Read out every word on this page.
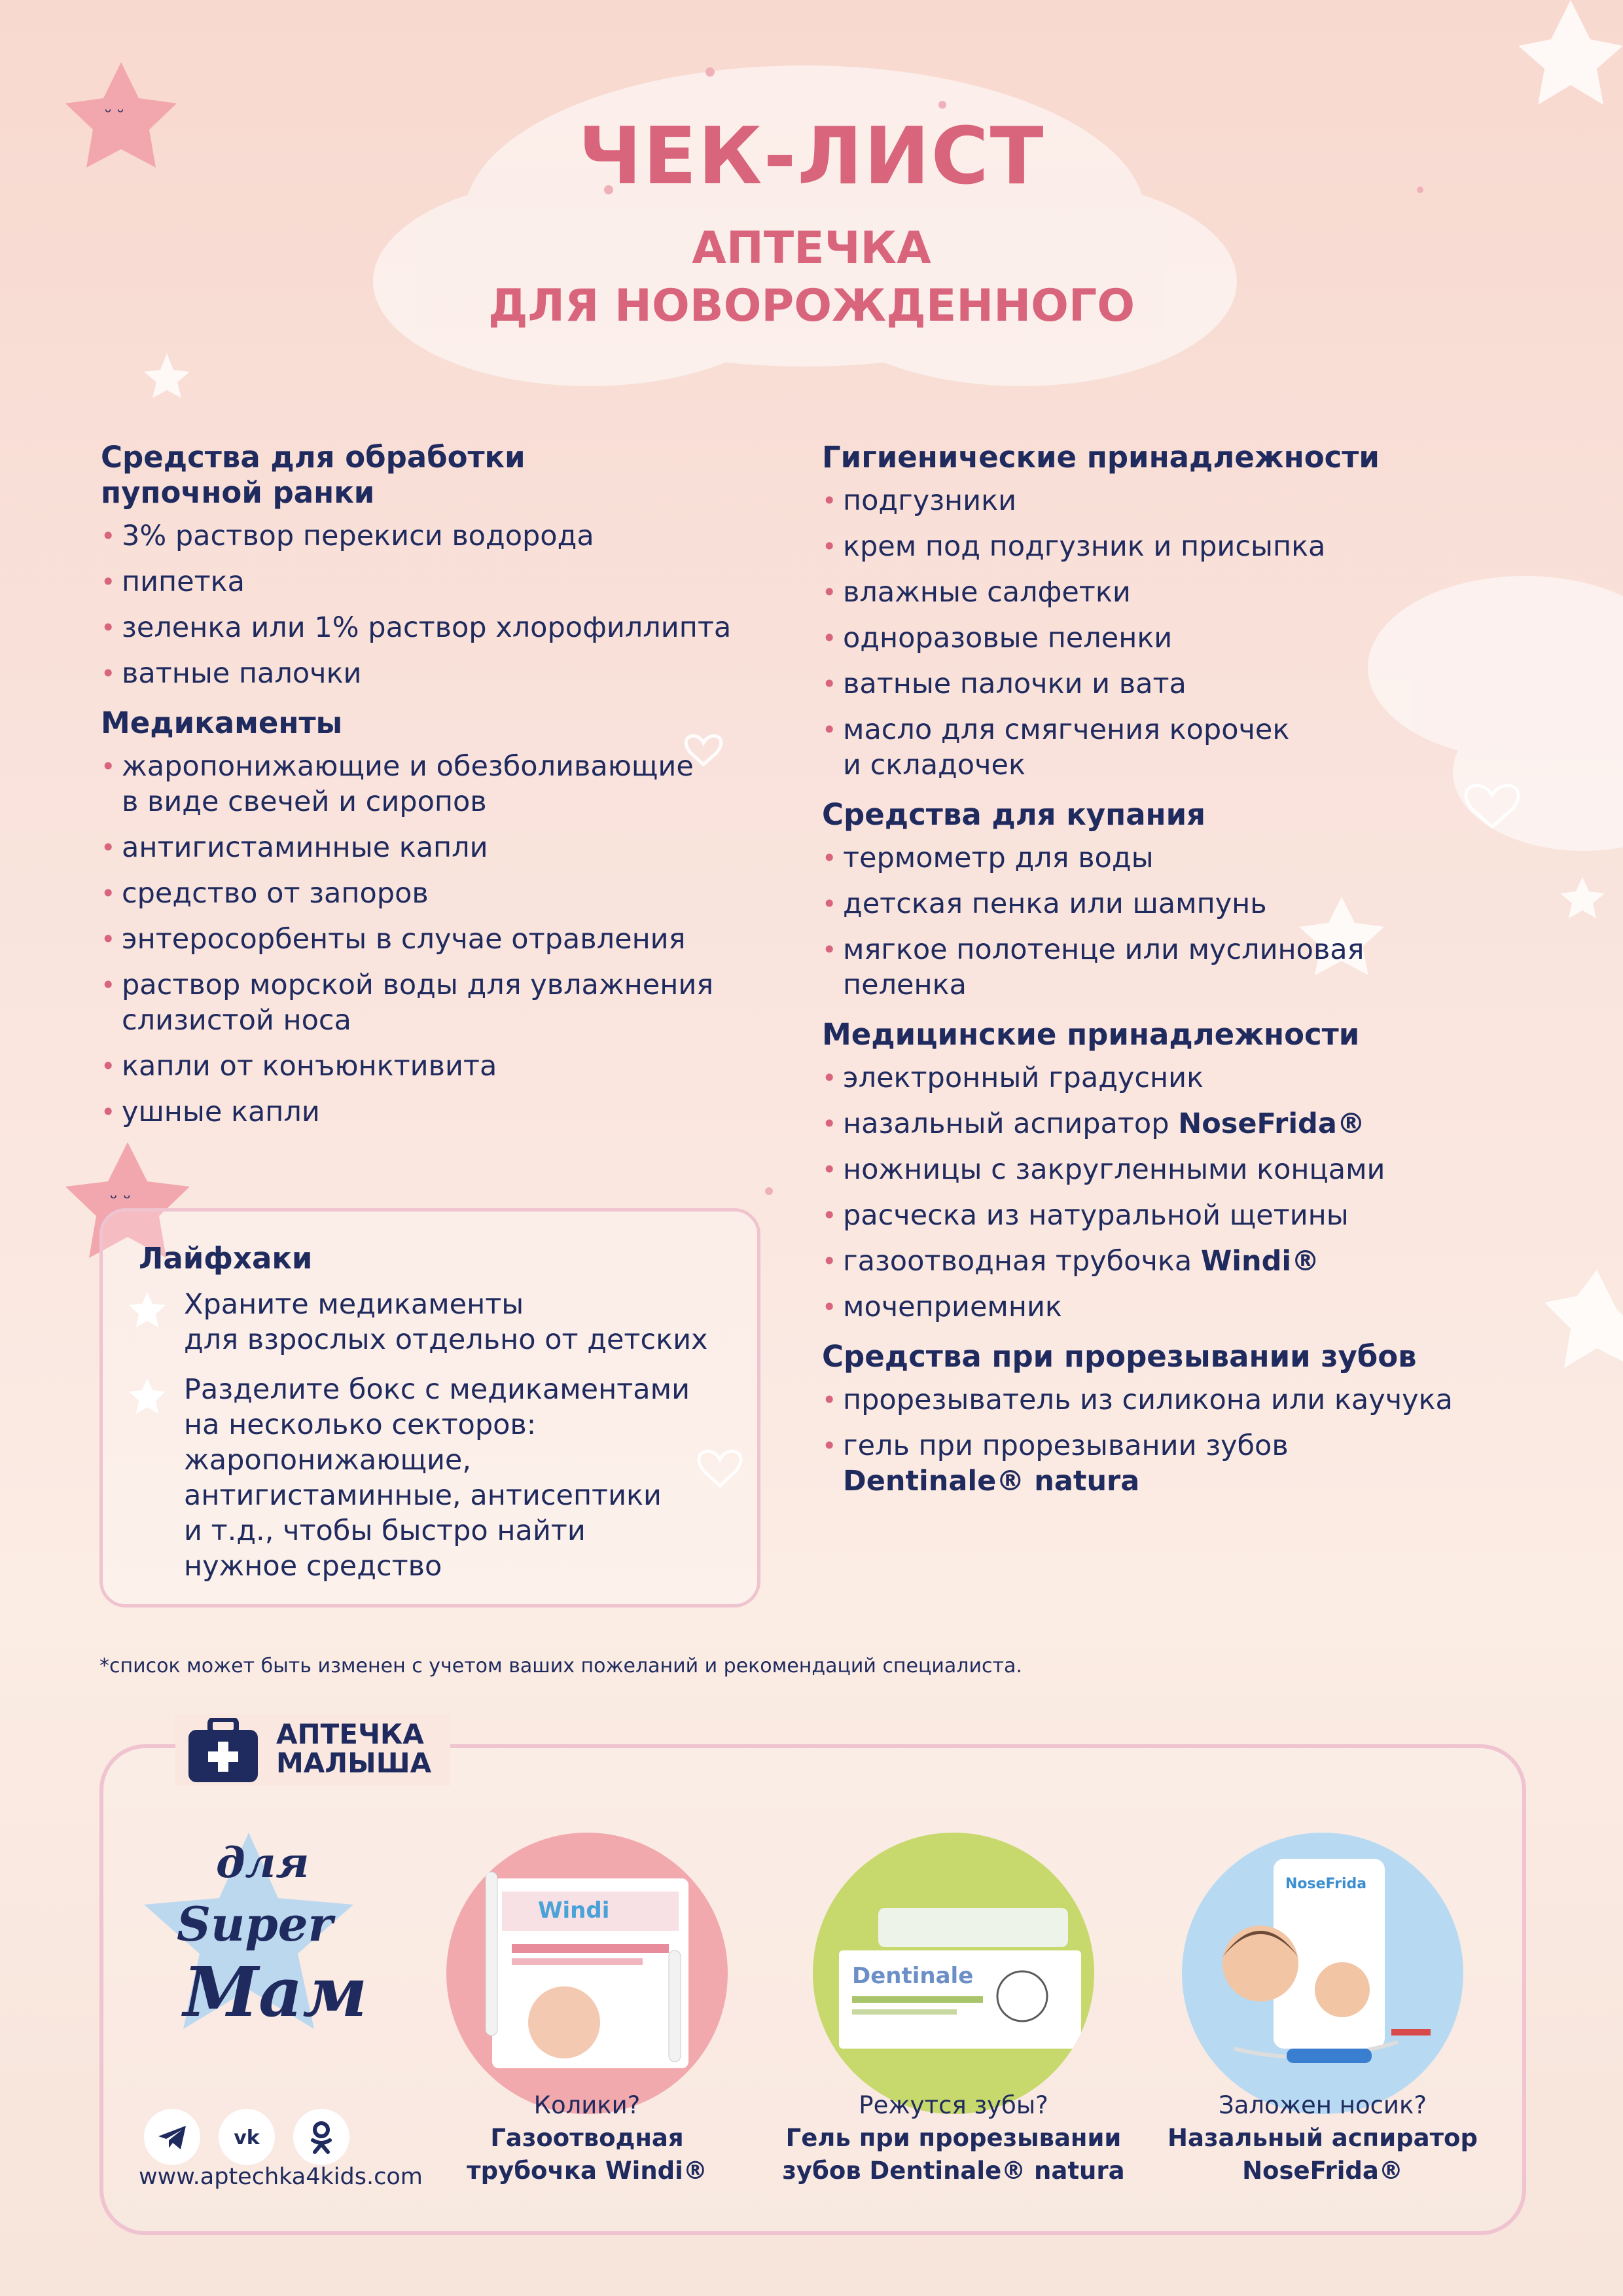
ᵕ ᵕ
ᵕ ᵕ
ЧЕК-ЛИСТ
АПТЕЧКА
ДЛЯ НОВОРОЖДЕННОГО
Средства для обработки
пупочной ранки
• 3% раствор перекиси водорода
• пипетка
• зеленка или 1% раствор хлорофиллипта
• ватные палочки
Медикаменты
• жаропонижающие и обезболивающие
в виде свечей и сиропов
• антигистаминные капли
• средство от запоров
• энтеросорбенты в случае отравления
• раствор морской воды для увлажнения
слизистой носа
• капли от конъюнктивита
• ушные капли
Гигиенические принадлежности
• подгузники
• крем под подгузник и присыпка
• влажные салфетки
• одноразовые пеленки
• ватные палочки и вата
• масло для смягчения корочек
и складочек
Средства для купания
• термометр для воды
• детская пенка или шампунь
• мягкое полотенце или муслиновая
пеленка
Медицинские принадлежности
• электронный градусник
• назальный аспиратор NoseFrida®
• ножницы с закругленными концами
• расческа из натуральной щетины
• газоотводная трубочка Windi®
• мочеприемник
Средства при прорезывании зубов
• прорезыватель из силикона или каучука
• гель при прорезывании зубов
Dentinale® natura
Лайфхаки
Храните медикаменты
для взрослых отдельно от детских
Разделите бокс с медикаментами
на несколько секторов:
жаропонижающие,
антигистаминные, антисептики
и т.д., чтобы быстро найти
нужное средство
*список может быть изменен с учетом ваших пожеланий и рекомендаций специалиста.
АПТЕЧКА
МАЛЫША
для
Super
Мам
vk
www.aptechka4kids.com
Windi
Dentinale
NoseFrida
Колики?
Газоотводная
трубочка Windi®
Режутся зубы?
Гель при прорезывании
зубов Dentinale® natura
Заложен носик?
Назальный аспиратор
NoseFrida®
